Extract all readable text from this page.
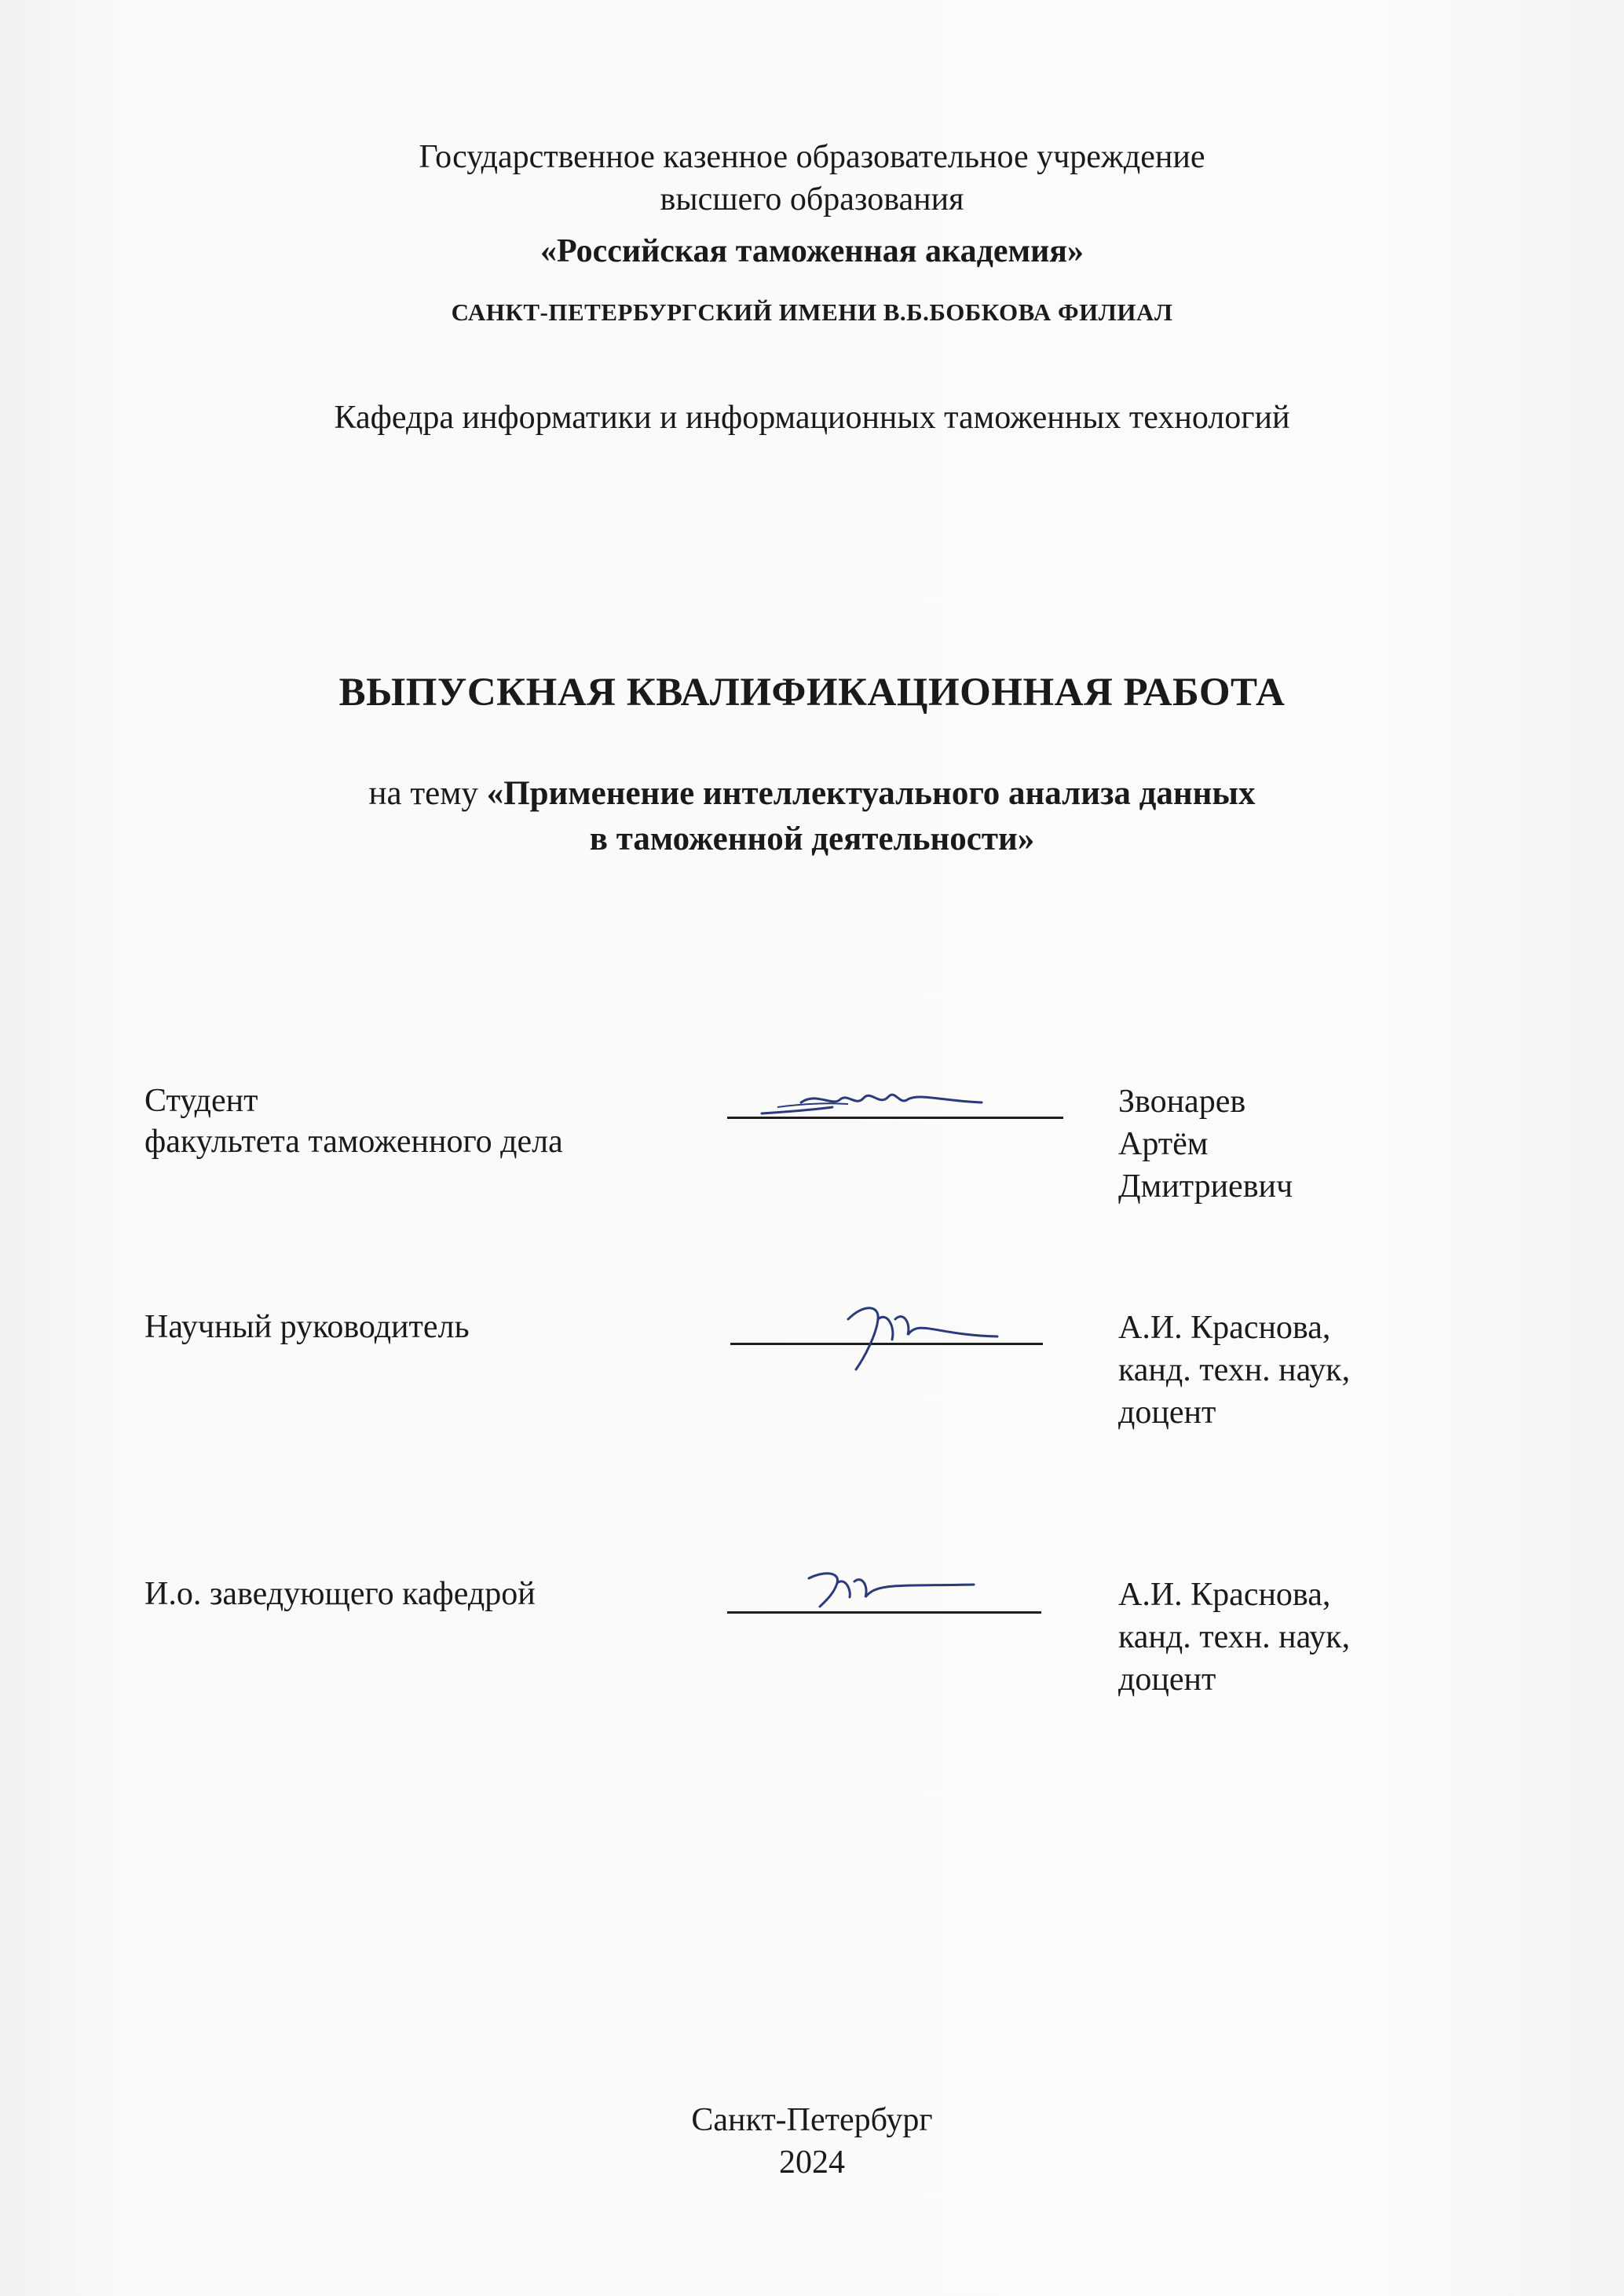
Государственное казенное образовательное учреждение
высшего образования
«Российская таможенная академия»
САНКТ-ПЕТЕРБУРГСКИЙ ИМЕНИ В.Б.БОБКОВА ФИЛИАЛ
Кафедра информатики и информационных таможенных технологий
ВЫПУСКНАЯ КВАЛИФИКАЦИОННАЯ РАБОТА
на тему «Применение интеллектуального анализа данных
в таможенной деятельности»
Студент
факультета таможенного дела
Звонарев
Артём
Дмитриевич
Научный руководитель	А.И. Краснова,
канд. техн. наук,
доцент
И.о. заведующего кафедрой	А.И. Краснова,
канд. техн. наук,
доцент
Санкт-Петербург
2024
